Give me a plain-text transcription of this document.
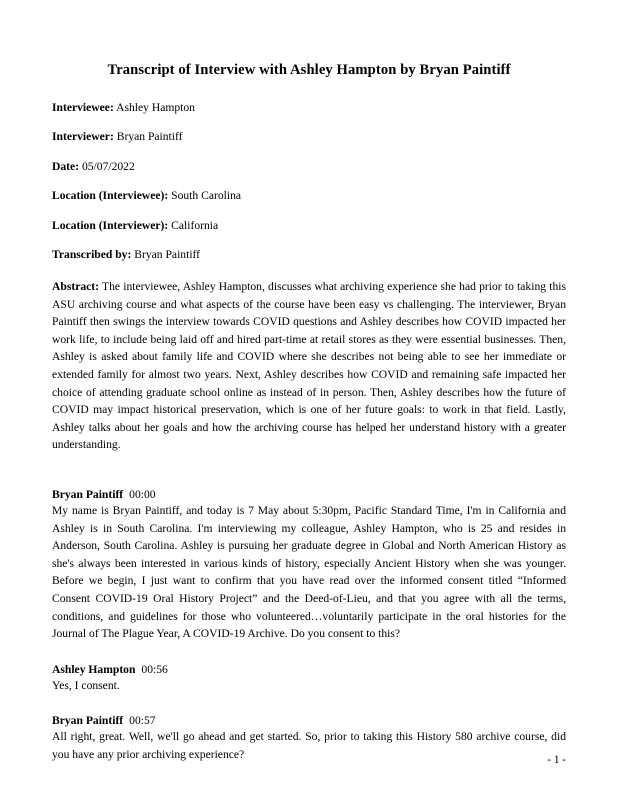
Transcript of Interview with Ashley Hampton by Bryan Paintiff

Interviewee: Ashley Hampton

Interviewer: Bryan Paintiff

Date: 05/07/2022

Location (Interviewee): South Carolina

Location (Interviewer): California

Transcribed by: Bryan Paintiff

Abstract: The interviewee, Ashley Hampton, discusses what archiving experience she had prior to taking this ASU archiving course and what aspects of the course have been easy vs challenging. The interviewer, Bryan Paintiff then swings the interview towards COVID questions and Ashley describes how COVID impacted her work life, to include being laid off and hired part-time at retail stores as they were essential businesses. Then, Ashley is asked about family life and COVID where she describes not being able to see her immediate or extended family for almost two years. Next, Ashley describes how COVID and remaining safe impacted her choice of attending graduate school online as instead of in person. Then, Ashley describes how the future of COVID may impact historical preservation, which is one of her future goals: to work in that field. Lastly, Ashley talks about her goals and how the archiving course has helped her understand history with a greater understanding.

Bryan Paintiff 00:00

My name is Bryan Paintiff, and today is 7 May about 5:30pm, Pacific Standard Time, I'm in California and Ashley is in South Carolina. I'm interviewing my colleague, Ashley Hampton, who is 25 and resides in Anderson, South Carolina. Ashley is pursuing her graduate degree in Global and North American History as she's always been interested in various kinds of history, especially Ancient History when she was younger. Before we begin, I just want to confirm that you have read over the informed consent titled “Informed Consent COVID-19 Oral History Project” and the Deed-of-Lieu, and that you agree with all the terms, conditions, and guidelines for those who volunteered…voluntarily participate in the oral histories for the Journal of The Plague Year, A COVID-19 Archive. Do you consent to this?

Ashley Hampton 00:56

Yes, I consent.

Bryan Paintiff 00:57

All right, great. Well, we'll go ahead and get started. So, prior to taking this History 580 archive course, did you have any prior archiving experience?	- 1 -
